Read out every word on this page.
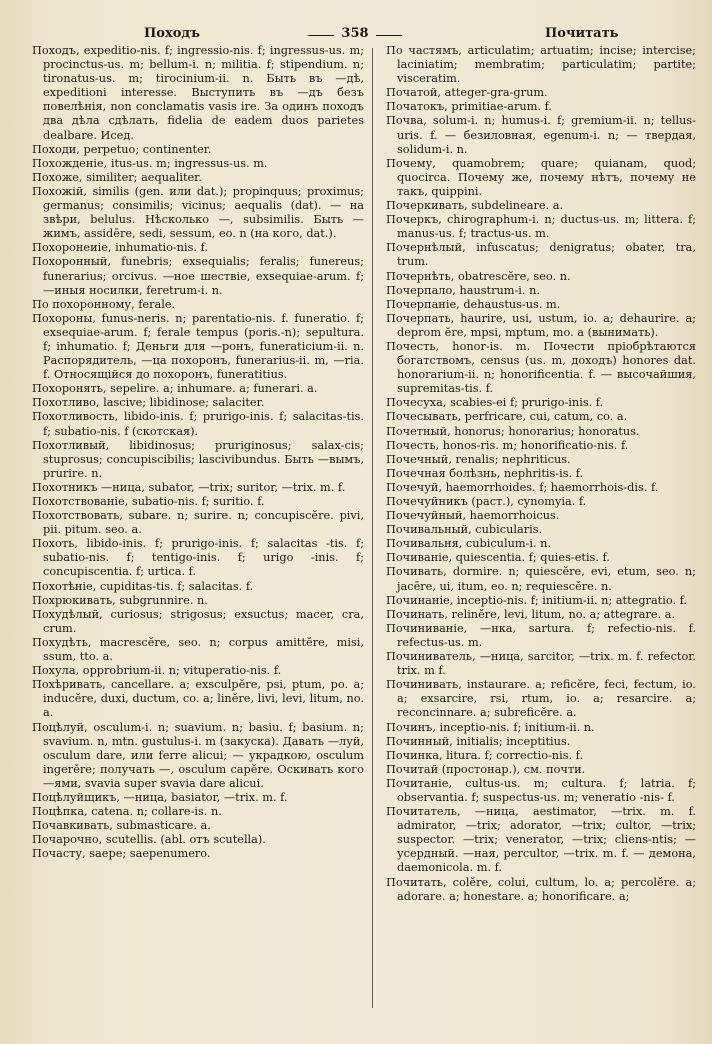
Походъ	358	Почитать

Походъ, expeditio-nis. f; ingressio-nis. f; ingressus-us. m; procinctus-us. m; bellum-i. n; militia. f; stipendium. n; tironatus-us. m; tirocinium-ii. n. Быть въ —дѣ, expeditioni interesse. Выступить въ —дъ безъ повелѣнія, non conclamatis vasis ire. За одинъ походъ два дѣла сдѣлать, fidelia de eadem duos parietes dealbare. Исед.

Походи, perpetuo; continenter.

Похожденіе, itus-us. m; ingressus-us. m.

Похоже, similiter; aequaliter.

Похожій, similis (gen. или dat.); propinquus; proximus; germanus; consimilis; vicinus; aequalis (dat). — на звѣри, belulus. Нѣсколько —, subsimilis. Быть —жимъ, assidēre, sedi, sessum, eo. n (на кого, dat.).

Похоронеиіе, inhumatio-nis. f.

Похоронный, funebris; exsequialis; feralis; funereus; funerarius; orcivus. —ное шествіе, exsequiae-arum. f; —иныя носилки, feretrum-i. n.

По похоронному, ferale.

Похороны, funus-neris. n; parentatio-nis. f. funeratio. f; exsequiae-arum. f; ferale tempus (poris.-n); sepultura. f; inhumatio. f; Деньги для —ронъ, funeraticium-ii. n. Распорядитель, —ца похоронъ, funerarius-ii. m, —ria. f. Относящійся до похоронъ, funeratitius.

Похоронять, sepelire. a; inhumare. a; funerari. a.

Похотливо, lascive; libidinose; salaciter.

Похотливость, libido-inis. f; prurigo-inis. f; salacitas-tis. f; subatio-nis. f (скотская).

Похотливый, libidinosus; pruriginosus; salax-cis; stuprosus; concupiscibilis; lascivibundus. Быть —вымъ, prurire. n.

Похотникъ —ница, subator, —trix; suritor, —trix. m. f.

Похотствованіе, subatio-nis. f; suritio. f.

Похотствовать, subare. n; surire. n; concupiscĕre. pivi, pii. pitum. seo. a.

Похоть, libido-inis. f; prurigo-inis. f; salacitas -tis. f; subatio-nis. f; tentigo-inis. f; urigo -inis. f; concupiscentia. f; urtica. f.

Похотѣніе, cupiditas-tis. f; salacitas. f.

Похрюкивать, subgrunnire. n.

Похудѣлый, curiosus; strigosus; exsuctus; macer, cra, crum.

Похудѣть, macrescĕre, seo. n; corpus amittĕre, misi, ssum, tto. a.

Похула, opprobrium-ii. n; vituperatio-nis. f.

Похѣривать, cancellare. a; exsculpĕre, psi, ptum, po. a; inducĕre, duxi, ductum, co. a; linĕre, livi, levi, litum, no. a.

Поцѣлуй, osculum-i. n; suavium. n; basiu. f; basium. n; svavium. n, mtn. gustulus-i. m (закуска). Давать —луй, osculum dare, или ferre alicui; — украдкою, osculum ingerĕre; получать —, osculum capĕre. Оскивать кого —ями, svavia super svavia dare alicui.

Поцѣлуйщикъ, —ница, basiator, —trix. m. f.

Поцѣпка, catena. n; collare-is. n.

Почавкивать, submasticare. a.

Почарочно, scutellis. (abl. отъ scutella).

Почасту, saepe; saepenumero.

По частямъ, articulatim; artuatim; incise; intercise; laciniatim; membratim; particulatim; partite; visceratim.

Початой, atteger-gra-grum.

Початокъ, primitiae-arum. f.

Почва, solum-i. n; humus-i. f; gremium-ii. n; tellus-uris. f. — безиловная, egenum-i. n; — твердая, solidum-i. n.

Почему, quamobrem; quare; quianam, quod; quocirca. Почему же, почему нѣтъ, почему не такъ, quippini.

Почеркивать, subdelineare. a.

Почеркъ, chirographum-i. n; ductus-us. m; littera. f; manus-us. f; tractus-us. m.

Почернѣлый, infuscatus; denigratus; obater, tra, trum.

Почернѣть, obatrescĕre, seo. n.

Почерпало, haustrum-i. n.

Почерпаніе, dehaustus-us. m.

Почерпать, haurire, usi, ustum, io. a; dehaurire. a; deprom ĕre, mpsi, mptum, mo. a (вынимать).

Почесть, honor-is. m. Почести пріобрѣтаются богатствомъ, census (us. m, доходъ) honores dat. honorarium-ii. n; honorificentia. f. — высочайшия, supremitas-tis. f.

Почесуха, scabies-ei f; prurigo-inis. f.

Почесывать, perfricare, cui, catum, co. a.

Почетный, honorus; honorarius; honoratus.

Почесть, honos-ris. m; honorificatio-nis. f.

Почечный, renalis; nephriticus.

Почечная болѣзнь, nephritis-is. f.

Почечуй, haemorrhoides. f; haemorrhois-dis. f.

Почечуйникъ (раст.), cynomyia. f.

Почечуйный, haemorrhoicus.

Почивальный, cubicularis.

Почивальня, cubiculum-i. n.

Почиваніе, quiescentia. f; quies-etis. f.

Почивать, dormire. n; quiescĕre, evi, etum, seo. n; jacēre, ui, itum, eo. n; requiescĕre. n.

Починаніе, inceptio-nis. f; initium-ii. n; attegratio. f.

Починать, relinĕre, levi, litum, no. a; attegrare. a.

Починиваніе, —нка, sartura. f; refectio-nis. f. refectus-us. m.

Починиватель, —ница, sarcitor, —trix. m. f. refector. trix. m f.

Починивать, instaurare. a; reficĕre, feci, fectum, io. a; exsarcire, rsi, rtum, io. a; resarcire. a; reconcinnare. a; subreficĕre. a.

Починъ, inceptio-nis. f; initium-ii. n.

Починный, initialis; inceptitius.

Починка, litura. f; correctio-nis. f.

Почитай (простонар.), см. почти.

Почитаніе, cultus-us. m; cultura. f; latria. f; observantia. f; suspectus-us. m; veneratio -nis- f.

Почитатель, —ница, aestimator, —trix. m. f. admirator, —trix; adorator, —trix; cultor, —trix; suspector. —trix; venerator, —trix; cliens-ntis; — усердный. —ная, percultor, —trix. m. f. — демона, daemonicola. m. f.

Почитать, colĕre, colui, cultum, lo. a; percolĕre. a; adorare. a; honestare. a; honorificare. a;
